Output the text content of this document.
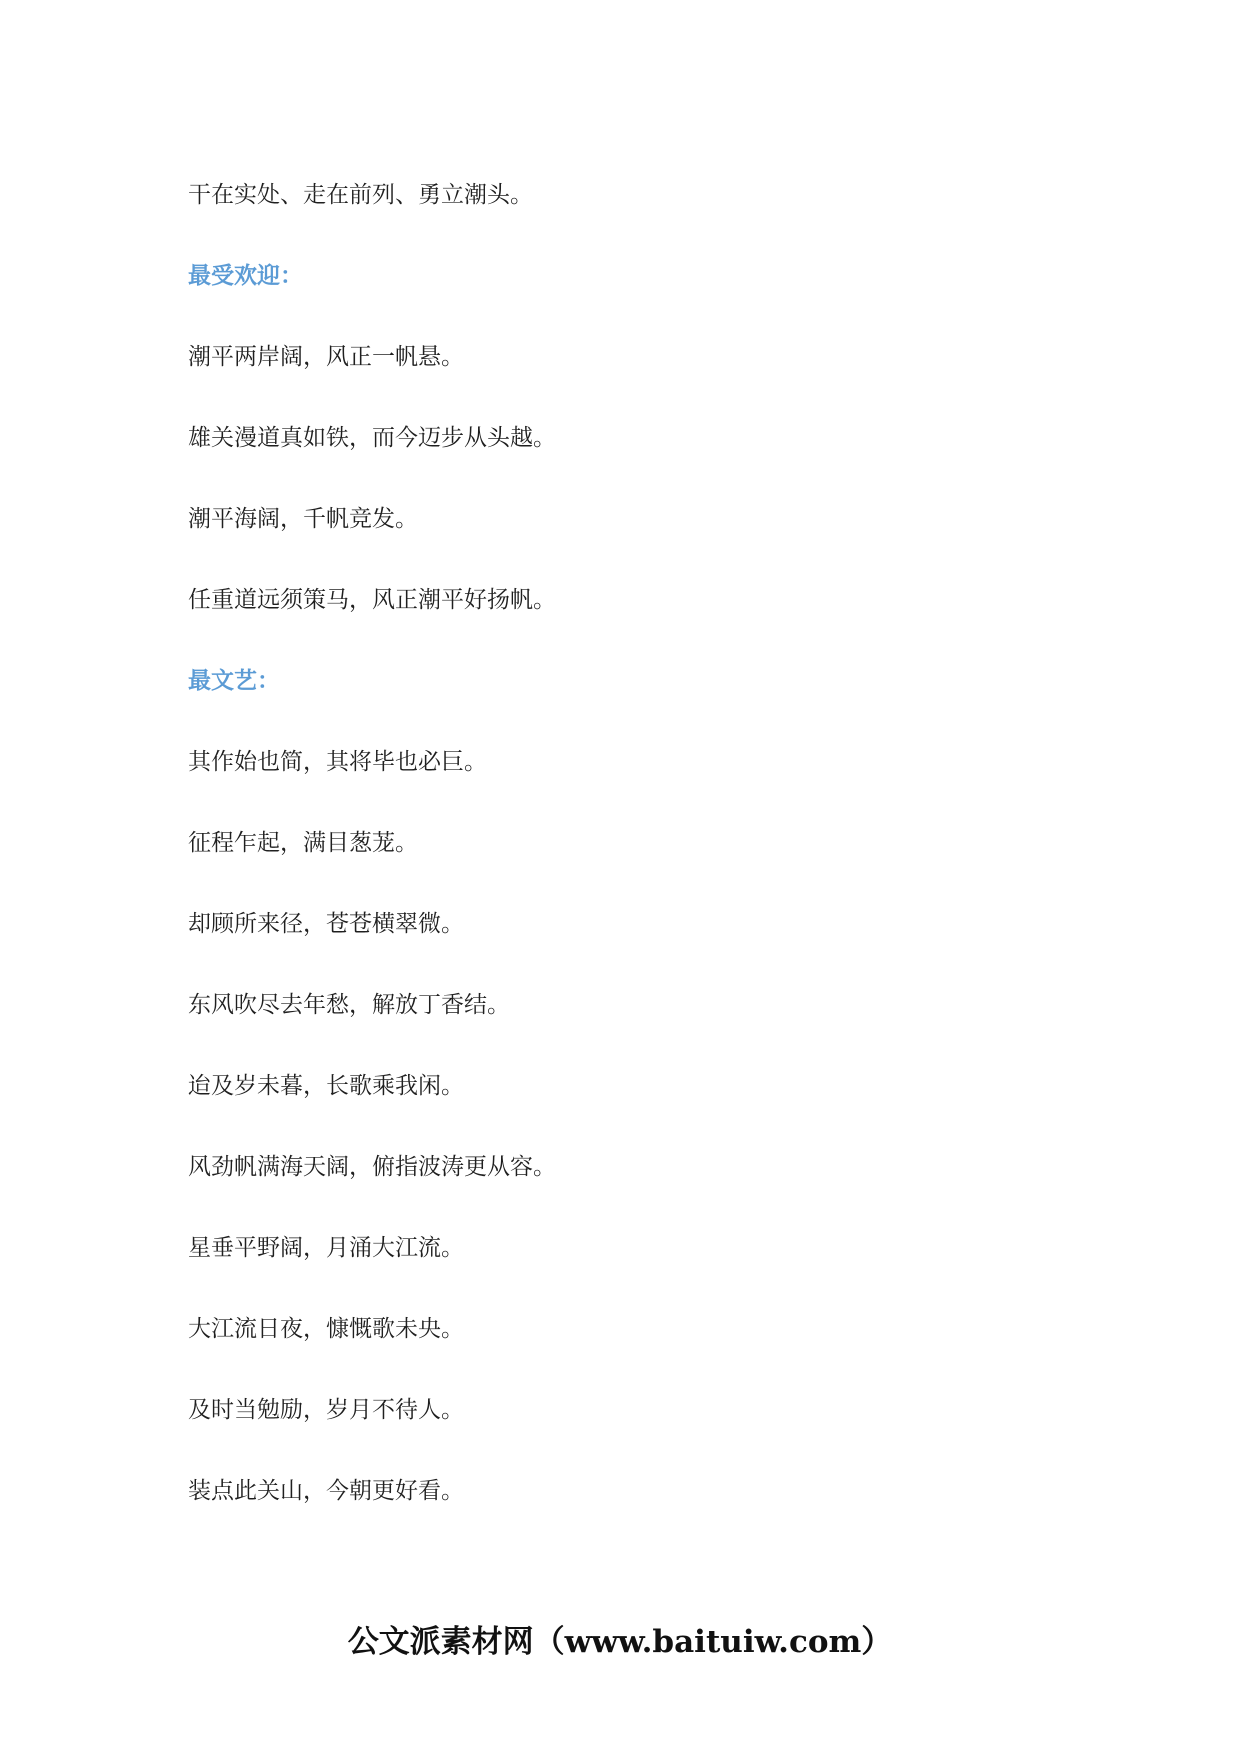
干在实处、走在前列、勇立潮头。
最受欢迎：
潮平两岸阔，风正一帆悬。
雄关漫道真如铁，而今迈步从头越。
潮平海阔，千帆竞发。
任重道远须策马，风正潮平好扬帆。
最文艺：
其作始也简，其将毕也必巨。
征程乍起，满目葱茏。
却顾所来径，苍苍横翠微。
东风吹尽去年愁，解放丁香结。
迨及岁未暮，长歌乘我闲。
风劲帆满海天阔，俯指波涛更从容。
星垂平野阔，月涌大江流。
大江流日夜，慷慨歌未央。
及时当勉励，岁月不待人。
装点此关山，今朝更好看。
公文派素材网（www.baituiw.com）
